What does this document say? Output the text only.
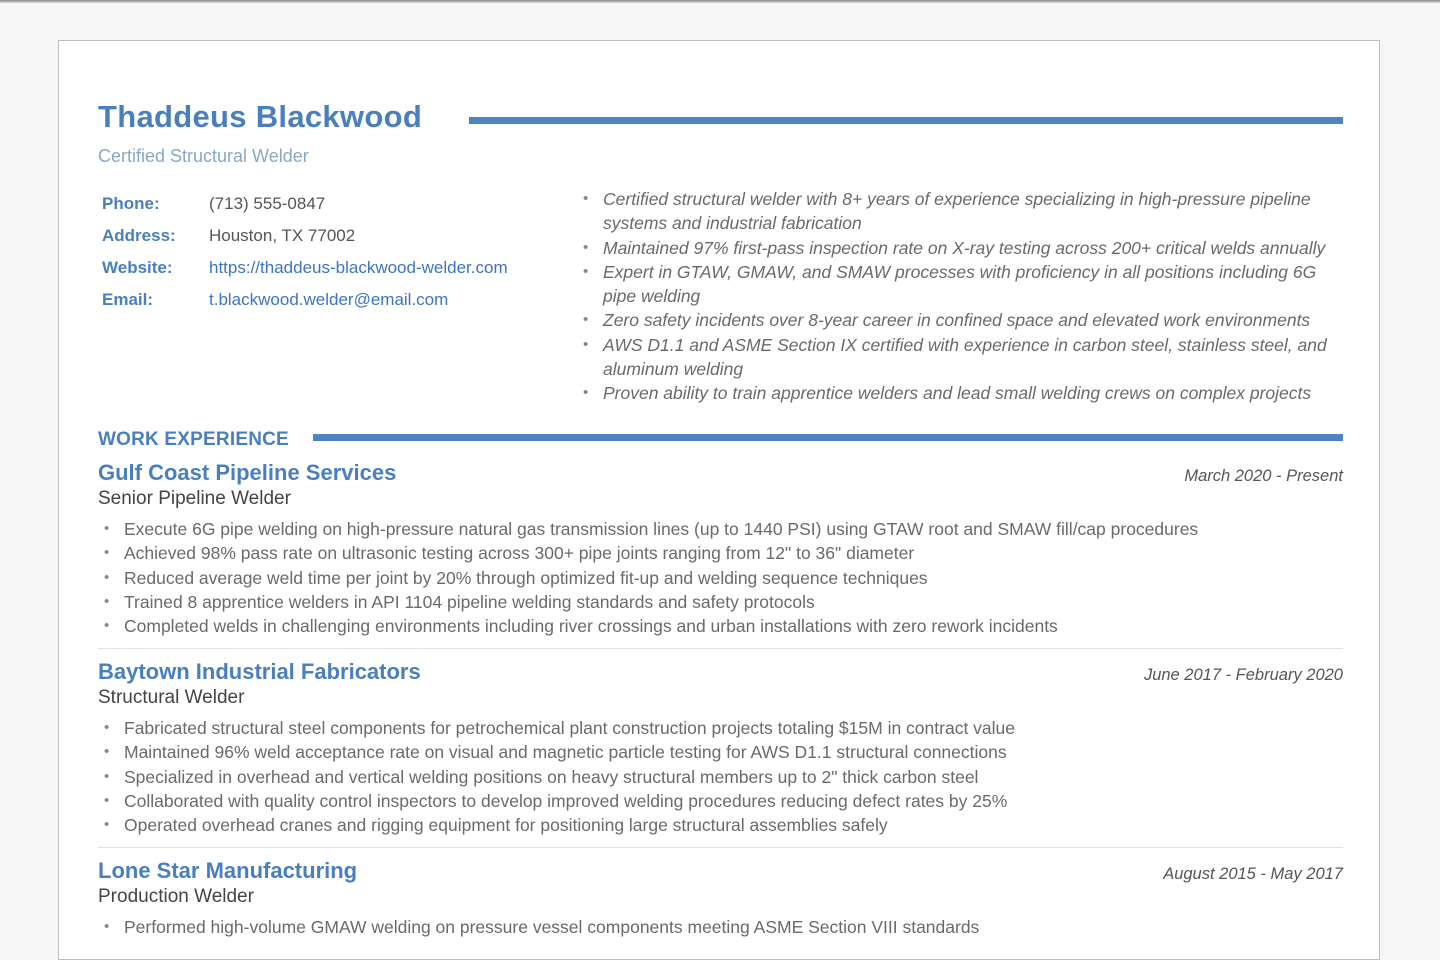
Thaddeus Blackwood
Certified Structural Welder
Phone:	(713) 555-0847
Address: Houston, TX 77002
Website: https://thaddeus-blackwood-welder.com
Email:	t.blackwood.welder@email.com
• Certified structural welder with 8+ years of experience specializing in high-pressure pipeline systems and industrial fabrication
• Maintained 97% first-pass inspection rate on X-ray testing across 200+ critical welds annually
• Expert in GTAW, GMAW, and SMAW processes with proficiency in all positions including 6G pipe welding
• Zero safety incidents over 8-year career in confined space and elevated work environments
• AWS D1.1 and ASME Section IX certified with experience in carbon steel, stainless steel, and aluminum welding
• Proven ability to train apprentice welders and lead small welding crews on complex projects
WORK EXPERIENCE
Gulf Coast Pipeline Services	March 2020 - Present
Senior Pipeline Welder
• Execute 6G pipe welding on high-pressure natural gas transmission lines (up to 1440 PSI) using GTAW root and SMAW fill/cap procedures
• Achieved 98% pass rate on ultrasonic testing across 300+ pipe joints ranging from 12" to 36" diameter
• Reduced average weld time per joint by 20% through optimized fit-up and welding sequence techniques
• Trained 8 apprentice welders in API 1104 pipeline welding standards and safety protocols
• Completed welds in challenging environments including river crossings and urban installations with zero rework incidents
Baytown Industrial Fabricators	June 2017 - February 2020
Structural Welder
• Fabricated structural steel components for petrochemical plant construction projects totaling $15M in contract value
• Maintained 96% weld acceptance rate on visual and magnetic particle testing for AWS D1.1 structural connections
• Specialized in overhead and vertical welding positions on heavy structural members up to 2" thick carbon steel
• Collaborated with quality control inspectors to develop improved welding procedures reducing defect rates by 25%
• Operated overhead cranes and rigging equipment for positioning large structural assemblies safely
Lone Star Manufacturing	August 2015 - May 2017
Production Welder
• Performed high-volume GMAW welding on pressure vessel components meeting ASME Section VIII standards
